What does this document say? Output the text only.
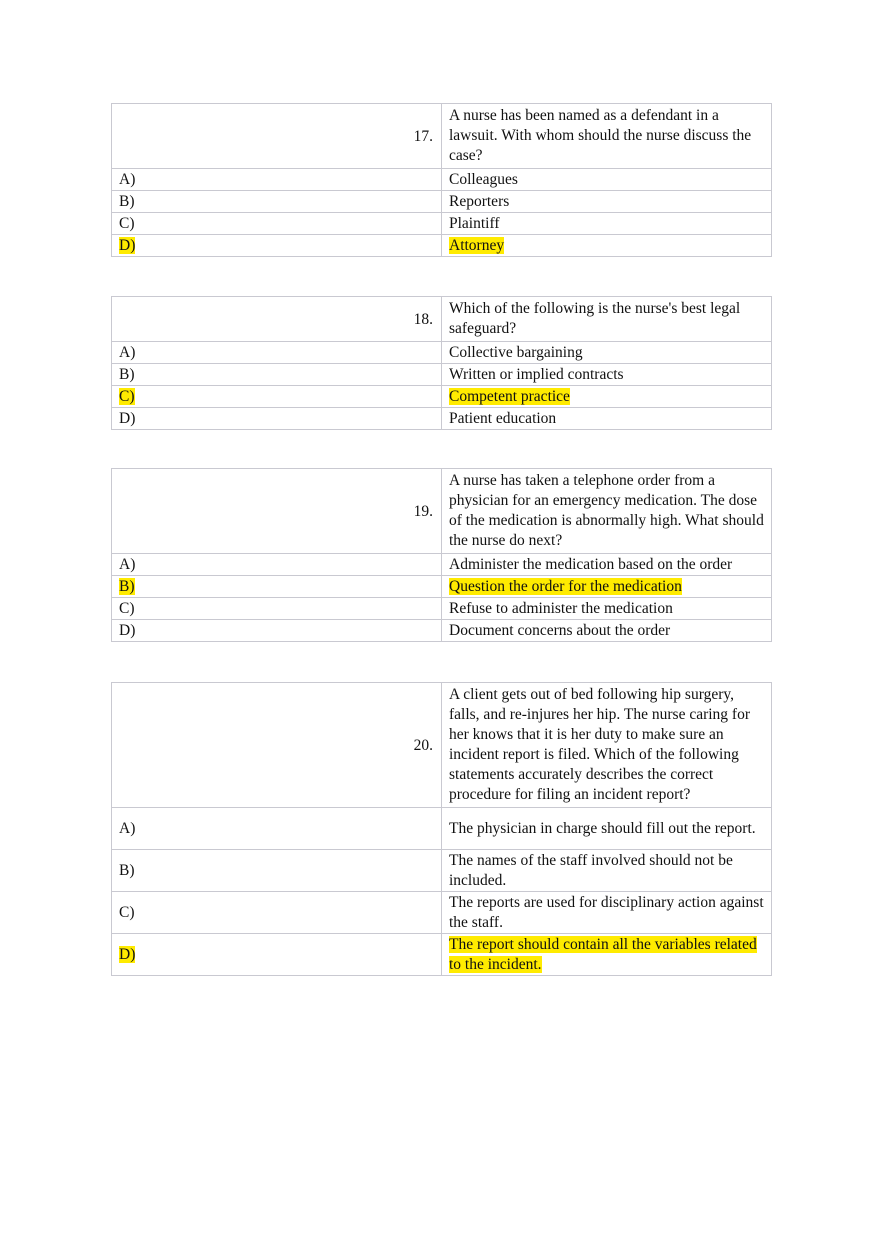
17.	A nurse has been named as a defendant in a lawsuit. With whom should the nurse discuss the case?
A)	Colleagues
B)	Reporters
C)	Plaintiff
D)	Attorney
18.	Which of the following is the nurse's best legal safeguard?
A)	Collective bargaining
B)	Written or implied contracts
C)	Competent practice
D)	Patient education
19.	A nurse has taken a telephone order from a physician for an emergency medication. The dose of the medication is abnormally high. What should the nurse do next?
A)	Administer the medication based on the order
B)	Question the order for the medication
C)	Refuse to administer the medication
D)	Document concerns about the order
20.	A client gets out of bed following hip surgery, falls, and re-injures her hip. The nurse caring for her knows that it is her duty to make sure an incident report is filed. Which of the following statements accurately describes the correct procedure for filing an incident report?
A)	The physician in charge should fill out the report.
B)	The names of the staff involved should not be included.
C)	The reports are used for disciplinary action against the staff.
D)	The report should contain all the variables related to the incident.
